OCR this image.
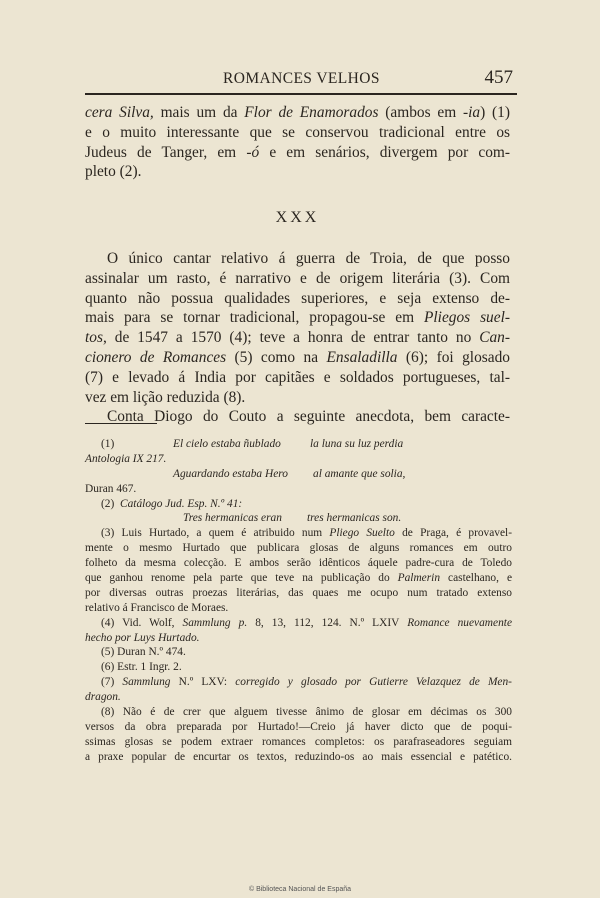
ROMANCES VELHOS	457
cera Silva, mais um da Flor de Enamorados (ambos em -ia) (1)
e o muito interessante que se conservou tradicional entre os
Judeus de Tanger, em -ó e em senários, divergem por com-
pleto (2).
XXX
O único cantar relativo á guerra de Troia, de que posso
assinalar um rasto, é narrativo e de origem literária (3). Com
quanto não possua qualidades superiores, e seja extenso de-
mais para se tornar tradicional, propagou-se em Pliegos suel-
tos, de 1547 a 1570 (4); teve a honra de entrar tanto no Can-
cionero de Romances (5) como na Ensaladilla (6); foi glosado
(7) e levado á India por capitães e soldados portugueses, tal-
vez em lição reduzida (8).
Conta Diogo do Couto a seguinte anecdota, bem caracte-
(1)	El cielo estaba ñublado	la luna su luz perdia
Antologia IX 217.
Aguardando estaba Hero al amante que solia,
Duran 467.
(2) Catálogo Jud. Esp. N.º 41:
Tres hermanicas eran tres hermanicas son.
(3) Luis Hurtado, a quem é atribuido num Pliego Suelto de Praga, é provavel-
mente o mesmo Hurtado que publicara glosas de alguns romances em outro
folheto da mesma colecção. E ambos serão idênticos áquele padre-cura de Toledo
que ganhou renome pela parte que teve na publicação do Palmerin castelhano, e
por diversas outras proezas literárias, das quaes me ocupo num tratado extenso
relativo á Francisco de Moraes.
(4) Vid. Wolf, Sammlung p. 8, 13, 112, 124. N.º LXIV Romance nuevamente
hecho por Luys Hurtado.
(5) Duran N.º 474.
(6) Estr. 1 Ingr. 2.
(7) Sammlung N.º LXV: corregido y glosado por Gutierre Velazquez de Men-
dragon.
(8) Não é de crer que alguem tivesse ânimo de glosar em décimas os 300
versos da obra preparada por Hurtado!—Creio já haver dicto que de poqui-
ssimas glosas se podem extraer romances completos: os parafraseadores seguiam
a praxe popular de encurtar os textos, reduzindo-os ao mais essencial e patético.
© Biblioteca Nacional de España
